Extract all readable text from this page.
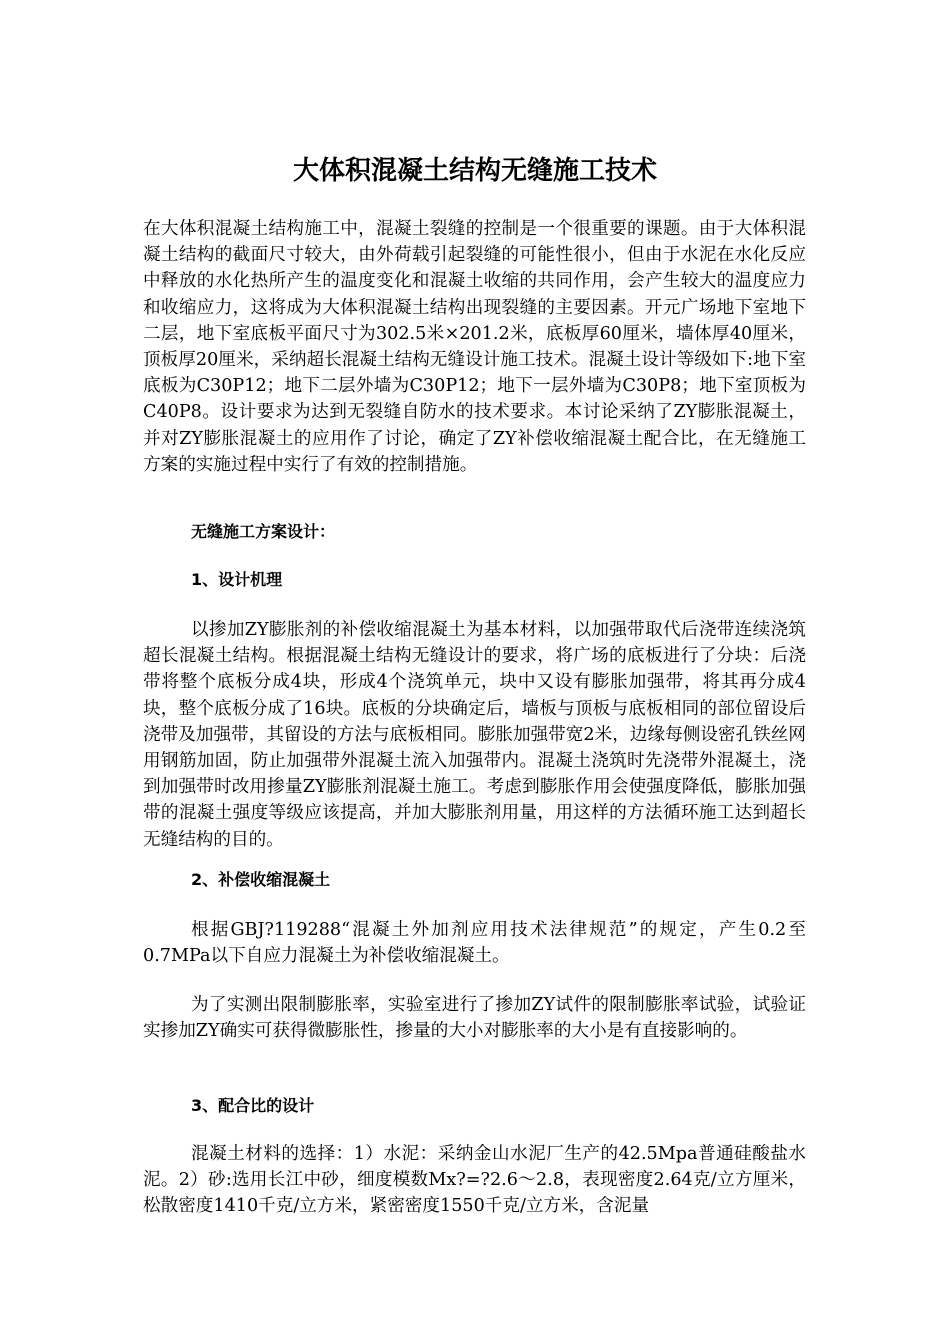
大体积混凝土结构无缝施工技术

在大体积混凝土结构施工中，混凝土裂缝的控制是一个很重要的课题。由于大体积混凝土结构的截面尺寸较大，由外荷载引起裂缝的可能性很小，但由于水泥在水化反应中释放的水化热所产生的温度变化和混凝土收缩的共同作用，会产生较大的温度应力和收缩应力，这将成为大体积混凝土结构出现裂缝的主要因素。开元广场地下室地下二层，地下室底板平面尺寸为302.5米×201.2米，底板厚60厘米，墙体厚40厘米，顶板厚20厘米，采纳超长混凝土结构无缝设计施工技术。混凝土设计等级如下:地下室底板为C30P12；地下二层外墙为C30P12；地下一层外墙为C30P8；地下室顶板为C40P8。设计要求为达到无裂缝自防水的技术要求。本讨论采纳了ZY膨胀混凝土，并对ZY膨胀混凝土的应用作了讨论，确定了ZY补偿收缩混凝土配合比，在无缝施工方案的实施过程中实行了有效的控制措施。

无缝施工方案设计：

1、设计机理

以掺加ZY膨胀剂的补偿收缩混凝土为基本材料，以加强带取代后浇带连续浇筑超长混凝土结构。根据混凝土结构无缝设计的要求，将广场的底板进行了分块：后浇带将整个底板分成4块，形成4个浇筑单元，块中又设有膨胀加强带，将其再分成4块，整个底板分成了16块。底板的分块确定后，墙板与顶板与底板相同的部位留设后浇带及加强带，其留设的方法与底板相同。膨胀加强带宽2米，边缘每侧设密孔铁丝网用钢筋加固，防止加强带外混凝土流入加强带内。混凝土浇筑时先浇带外混凝土，浇到加强带时改用掺量ZY膨胀剂混凝土施工。考虑到膨胀作用会使强度降低，膨胀加强带的混凝土强度等级应该提高，并加大膨胀剂用量，用这样的方法循环施工达到超长无缝结构的目的。

2、补偿收缩混凝土

根据GBJ?119288“混凝土外加剂应用技术法律规范”的规定，产生0.2至0.7MPa以下自应力混凝土为补偿收缩混凝土。

为了实测出限制膨胀率，实验室进行了掺加ZY试件的限制膨胀率试验，试验证实掺加ZY确实可获得微膨胀性，掺量的大小对膨胀率的大小是有直接影响的。

3、配合比的设计

混凝土材料的选择：1）水泥：采纳金山水泥厂生产的42.5Mpa普通硅酸盐水泥。2）砂:选用长江中砂，细度模数Mx?=?2.6～2.8，表现密度2.64克/立方厘米，松散密度1410千克/立方米，紧密密度1550千克/立方米，含泥量
